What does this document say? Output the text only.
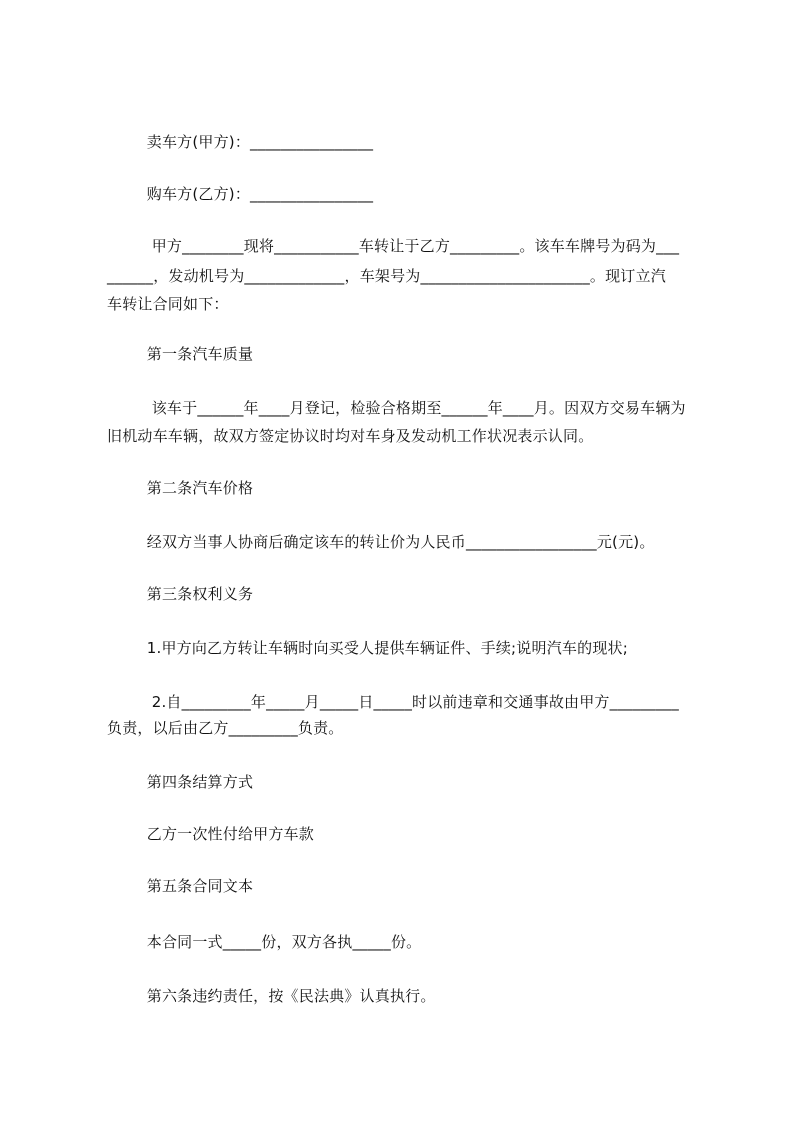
卖车方(甲方)：________________
购车方(乙方)：________________
甲方________现将___________车转让于乙方_________。该车车牌号为码为___
______，发动机号为_____________，车架号为______________________。现订立汽
车转让合同如下：
第一条汽车质量
该车于______年____月登记，检验合格期至______年____月。因双方交易车辆为
旧机动车车辆，故双方签定协议时均对车身及发动机工作状况表示认同。
第二条汽车价格
经双方当事人协商后确定该车的转让价为人民币_________________元(元)。
第三条权利义务
1.甲方向乙方转让车辆时向买受人提供车辆证件、手续;说明汽车的现状;
2.自_________年_____月_____日_____时以前违章和交通事故由甲方_________
负责，以后由乙方_________负责。
第四条结算方式
乙方一次性付给甲方车款
第五条合同文本
本合同一式_____份，双方各执_____份。
第六条违约责任，按《民法典》认真执行。
